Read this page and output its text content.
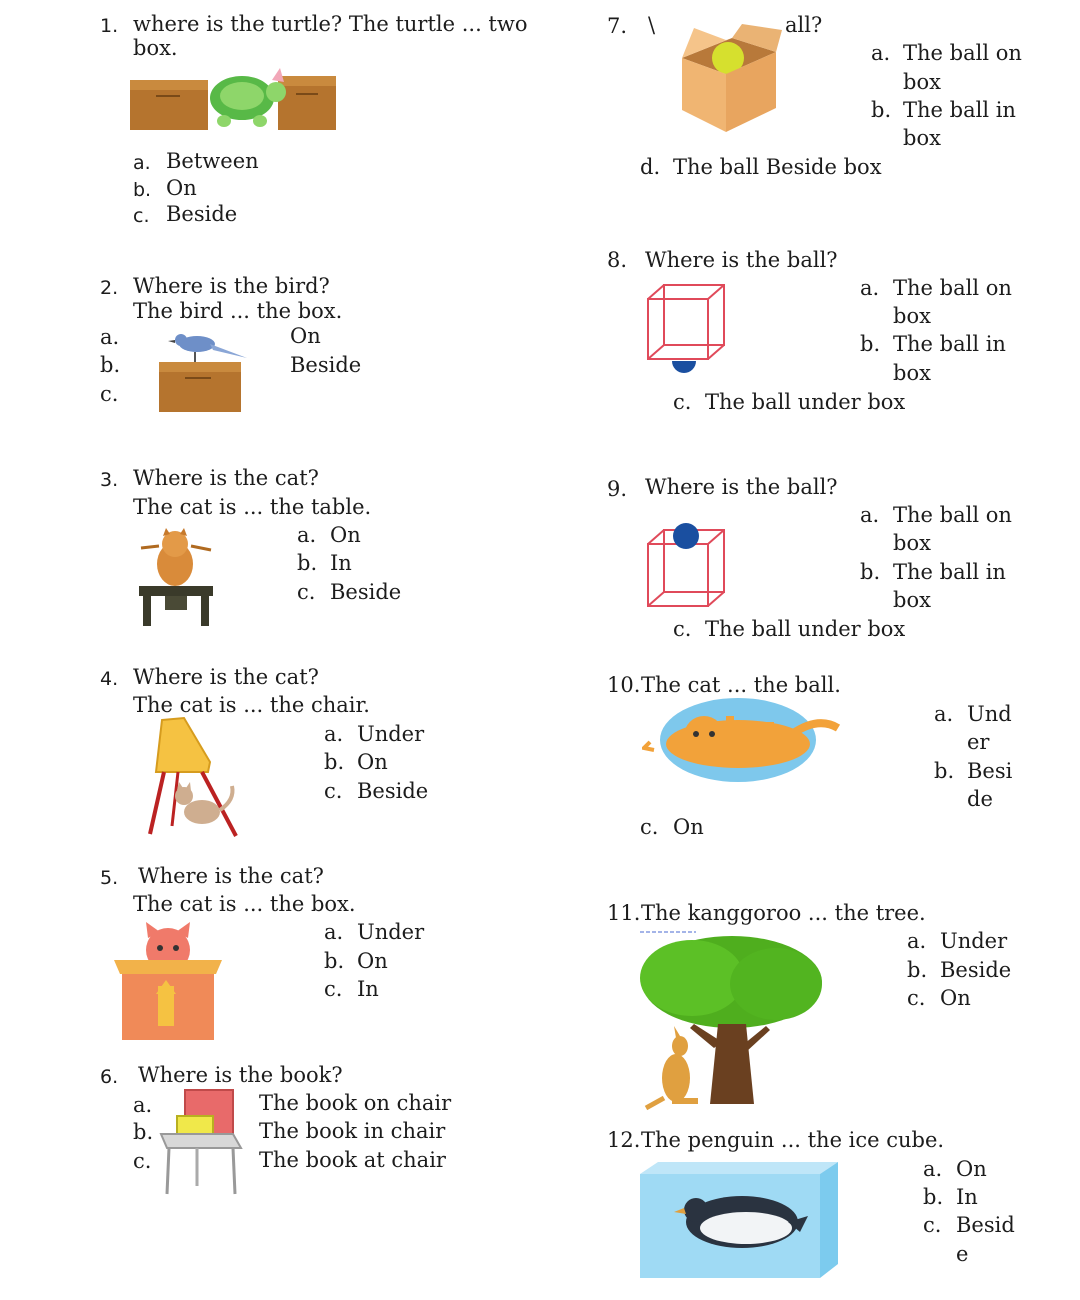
1. where is the turtle? The turtle ... two
box.
a. Between
b. On
c. Beside
2. Where is the bird?
The bird ... the box.
a.
b.
c.
On
Beside
3. Where is the cat?
The cat is ... the table.
a. On
b. In
c. Beside
4. Where is the cat?
The cat is ... the chair.
a. Under
b. On
c. Beside
5. Where is the cat?
The cat is ... the box.
a. Under
b. On
c. In
6. Where is the book?
a.
b.
c.
The book on chair
The book in chair
The book at chair
7. \	all?
a. The ball on
box
b. The ball in
box
d. The ball Beside box
8. Where is the ball?
a. The ball on
box
b. The ball in
box
c. The ball under box
9. Where is the ball?
a. The ball on
box
b. The ball in
box
c. The ball under box
10. The cat ... the ball.
a. Und
er
b. Besi
de
c. On
11. The kanggoroo ... the tree.
a. Under
b. Beside
c. On
12. The penguin ... the ice cube.
a. On
b. In
c. Besid
e
